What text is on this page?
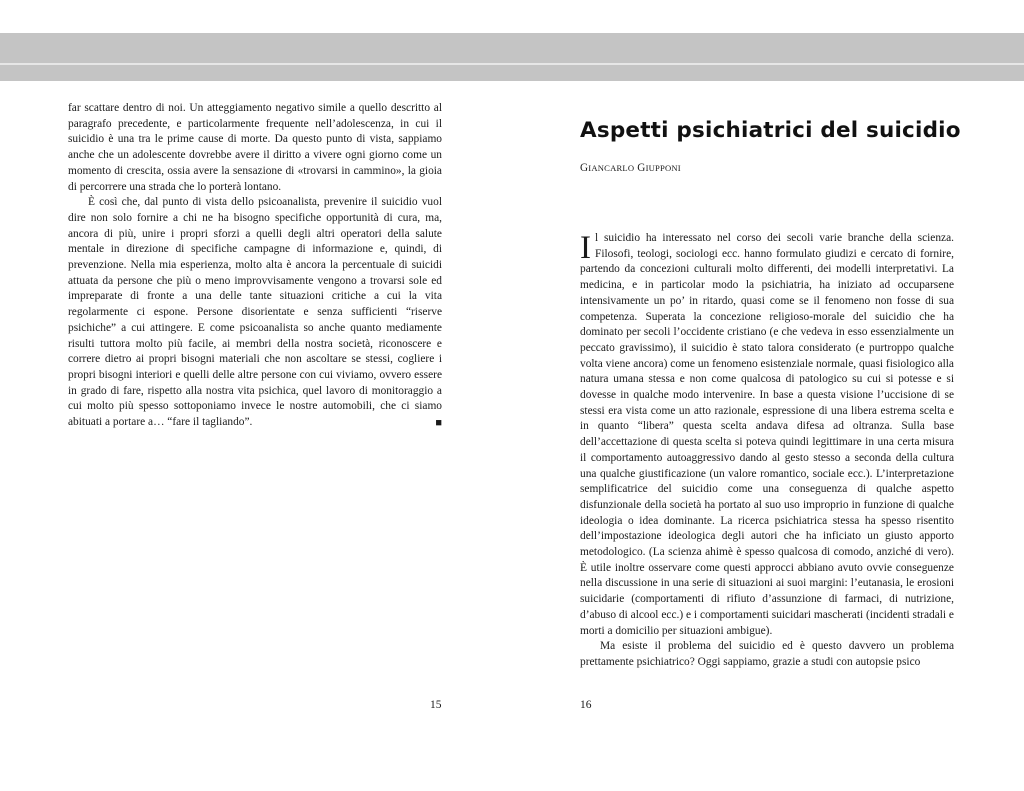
far scattare dentro di noi. Un atteggiamento negativo simile a quello descritto al paragrafo precedente, e particolarmente frequente nell’adolescenza, in cui il suicidio è una tra le prime cause di morte. Da questo punto di vista, sappiamo anche che un adolescente dovrebbe avere il diritto a vivere ogni giorno come un momento di crescita, ossia avere la sensazione di «trovarsi in cammino», la gioia di percorrere una strada che lo porterà lontano.

È così che, dal punto di vista dello psicoanalista, prevenire il suicidio vuol dire non solo fornire a chi ne ha bisogno specifiche opportunità di cura, ma, ancora di più, unire i propri sforzi a quelli degli altri operatori della salute mentale in direzione di specifiche campagne di informazione e, quindi, di prevenzione. Nella mia esperienza, molto alta è ancora la percentuale di suicidi attuata da persone che più o meno improvvisamente vengono a trovarsi sole ed impreparate di fronte a una delle tante situazioni critiche a cui la vita regolarmente ci espone. Persone disorientate e senza sufficienti “riserve psichiche” a cui attingere. E come psicoanalista so anche quanto mediamente risulti tuttora molto più facile, ai membri della nostra società, riconoscere e correre dietro ai propri bisogni materiali che non ascoltare se stessi, cogliere i propri bisogni interiori e quelli delle altre persone con cui viviamo, ovvero essere in grado di fare, rispetto alla nostra vita psichica, quel lavoro di monitoraggio a cui molto più spesso sottoponiamo invece le nostre automobili, che ci siamo abituati a portare a… “fare il tagliando”.	■

15
Aspetti psichiatrici del suicidio
GIANCARLO GIUPPONI

Il suicidio ha interessato nel corso dei secoli varie branche della scienza. Filosofi, teologi, sociologi ecc. hanno formulato giudizi e cercato di fornire, partendo da concezioni culturali molto differenti, dei modelli interpretativi. La medicina, e in particolar modo la psichiatria, ha iniziato ad occuparsene intensivamente un po’ in ritardo, quasi come se il fenomeno non fosse di sua competenza. Superata la concezione religioso-morale del suicidio che ha dominato per secoli l’occidente cristiano (e che vedeva in esso essenzialmente un peccato gravissimo), il suicidio è stato talora considerato (e purtroppo qualche volta viene ancora) come un fenomeno esistenziale normale, quasi fisiologico alla natura umana stessa e non come qualcosa di patologico su cui si potesse e si dovesse in qualche modo intervenire. In base a questa visione l’uccisione di se stessi era vista come un atto razionale, espressione di una libera estrema scelta e in quanto “libera” questa scelta andava difesa ad oltranza. Sulla base dell’accettazione di questa scelta si poteva quindi legittimare in una certa misura il comportamento autoaggressivo dando al gesto stesso a seconda della cultura una qualche giustificazione (un valore romantico, sociale ecc.). L’interpretazione semplificatrice del suicidio come una conseguenza di qualche aspetto disfunzionale della società ha portato al suo uso improprio in funzione di qualche ideologia o idea dominante. La ricerca psichiatrica stessa ha spesso risentito dell’impostazione ideologica degli autori che ha inficiato un giusto apporto metodologico. (La scienza ahimè è spesso qualcosa di comodo, anziché di vero). È utile inoltre osservare come questi approcci abbiano avuto ovvie conseguenze nella discussione in una serie di situazioni ai suoi margini: l’eutanasia, le erosioni suicidarie (comportamenti di rifiuto d’assunzione di farmaci, di nutrizione, d’abuso di alcool ecc.) e i comportamenti suicidari mascherati (incidenti stradali e morti a domicilio per situazioni ambigue).

Ma esiste il problema del suicidio ed è questo davvero un problema prettamente psichiatrico? Oggi sappiamo, grazie a studi con autopsie psico

16
